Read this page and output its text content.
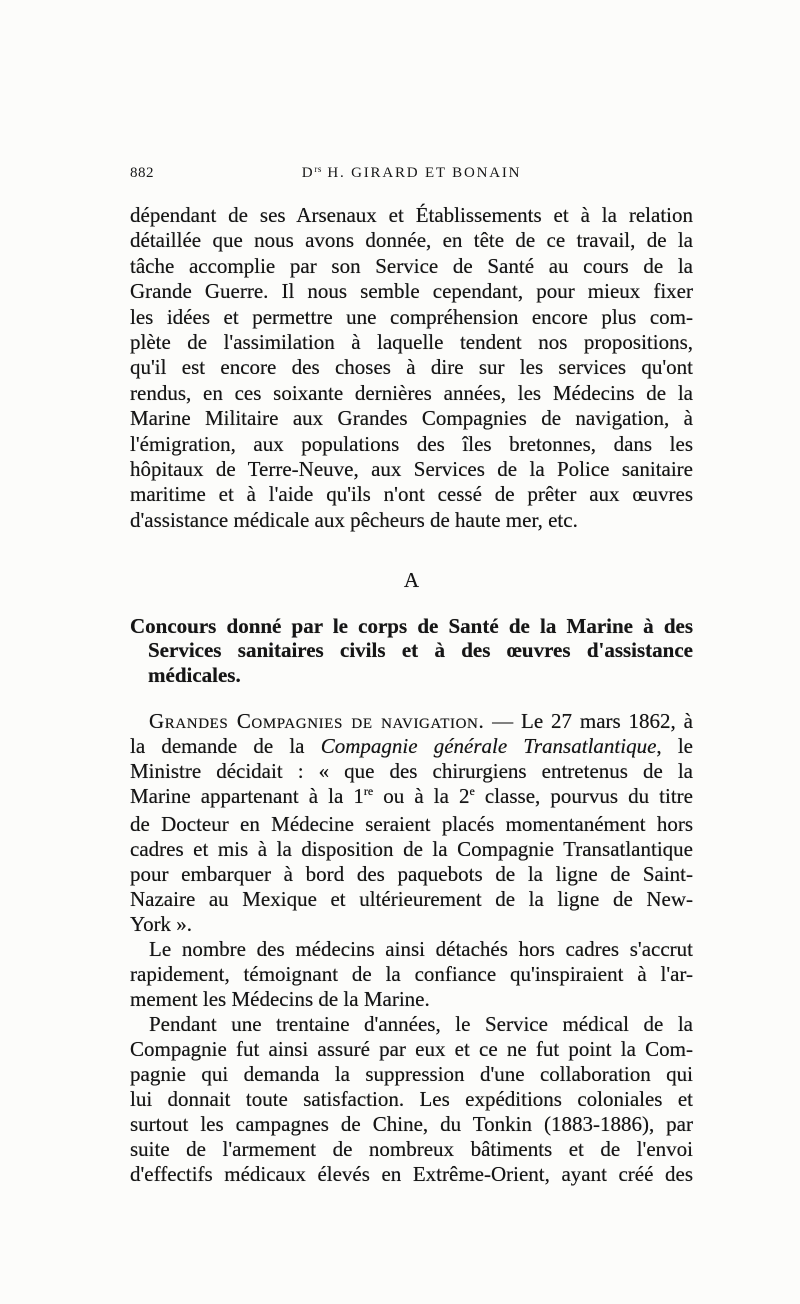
882	$D^{rs}$ H. GIRARD ET BONAIN
dépendant de ses Arsenaux et Établissements et à la relation
détaillée que nous avons donnée, en tête de ce travail, de la
tâche accomplie par son Service de Santé au cours de la
Grande Guerre. Il nous semble cependant, pour mieux fixer
les idées et permettre une compréhension encore plus com-
plète de l'assimilation à laquelle tendent nos propositions,
qu'il est encore des choses à dire sur les services qu'ont
rendus, en ces soixante dernières années, les Médecins de la
Marine Militaire aux Grandes Compagnies de navigation, à
l'émigration, aux populations des îles bretonnes, dans les
hôpitaux de Terre-Neuve, aux Services de la Police sanitaire
maritime et à l'aide qu'ils n'ont cessé de prêter aux œuvres
d'assistance médicale aux pêcheurs de haute mer, etc.
A
Concours donné par le corps de Santé de la Marine à des
Services sanitaires civils et à des œuvres d'assistance
médicales.
Grandes Compagnies de navigation. — Le 27 mars 1862, à
la demande de la Compagnie générale Transatlantique, le
Ministre décidait : « que des chirurgiens entretenus de la
Marine appartenant à la 1re ou à la 2e classe, pourvus du titre
de Docteur en Médecine seraient placés momentanément hors
cadres et mis à la disposition de la Compagnie Transatlantique
pour embarquer à bord des paquebots de la ligne de Saint-
Nazaire au Mexique et ultérieurement de la ligne de New-
York ».
Le nombre des médecins ainsi détachés hors cadres s'accrut
rapidement, témoignant de la confiance qu'inspiraient à l'ar-
mement les Médecins de la Marine.
Pendant une trentaine d'années, le Service médical de la
Compagnie fut ainsi assuré par eux et ce ne fut point la Com-
pagnie qui demanda la suppression d'une collaboration qui
lui donnait toute satisfaction. Les expéditions coloniales et
surtout les campagnes de Chine, du Tonkin (1883-1886), par
suite de l'armement de nombreux bâtiments et de l'envoi
d'effectifs médicaux élevés en Extrême-Orient, ayant créé des
